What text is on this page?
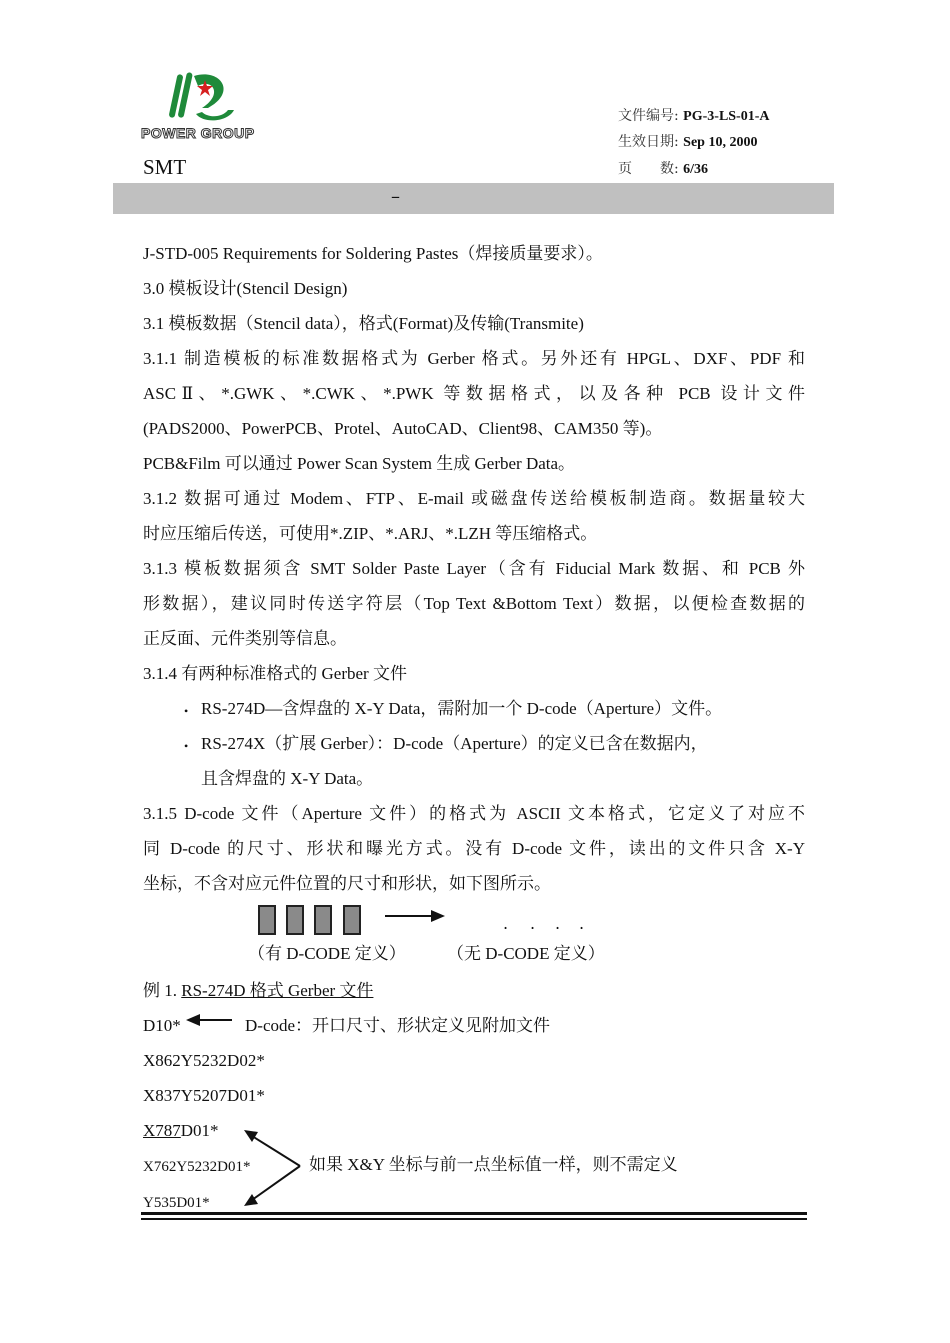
POWER GROUP
SMT
文件编号: PG-3-LS-01-A
生效日期: Sep 10, 2000
页　　数: 6/36
–
J-STD-005 Requirements for Soldering Pastes（焊接质量要求）。
3.0 模板设计(Stencil Design)
3.1 模板数据（Stencil data），格式(Format)及传输(Transmite)
3.1.1 制造模板的标准数据格式为 Gerber 格式。另外还有 HPGL、DXF、PDF 和
ASCⅡ、*.GWK、*.CWK、*.PWK 等数据格式，以及各种 PCB 设计文件
(PADS2000、PowerPCB、Protel、AutoCAD、Client98、CAM350 等)。
PCB&Film 可以通过 Power Scan System 生成 Gerber Data。
3.1.2 数据可通过 Modem、FTP、E-mail 或磁盘传送给模板制造商。数据量较大
时应压缩后传送，可使用*.ZIP、*.ARJ、*.LZH 等压缩格式。
3.1.3 模板数据须含 SMT Solder Paste Layer（含有 Fiducial Mark 数据、和 PCB 外
形数据），建议同时传送字符层（Top Text &Bottom Text）数据，以便检查数据的
正反面、元件类别等信息。
3.1.4 有两种标准格式的 Gerber 文件
• RS-274D—含焊盘的 X-Y Data，需附加一个 D-code（Aperture）文件。
• RS-274X（扩展 Gerber）：D-code（Aperture）的定义已含在数据内，
且含焊盘的 X-Y Data。
3.1.5 D-code 文件（Aperture 文件）的格式为 ASCII 文本格式，它定义了对应不
同 D-code 的尺寸、形状和曝光方式。没有 D-code 文件，读出的文件只含 X-Y
坐标，不含对应元件位置的尺寸和形状，如下图所示。
. . . .
（有 D-CODE 定义） （无 D-CODE 定义）
例 1. RS-274D 格式 Gerber 文件
D10*	D-code：开口尺寸、形状定义见附加文件
X862Y5232D02*
X837Y5207D01*
X787D01*
X762Y5232D01*
Y535D01*
如果 X&Y 坐标与前一点坐标值一样，则不需定义
